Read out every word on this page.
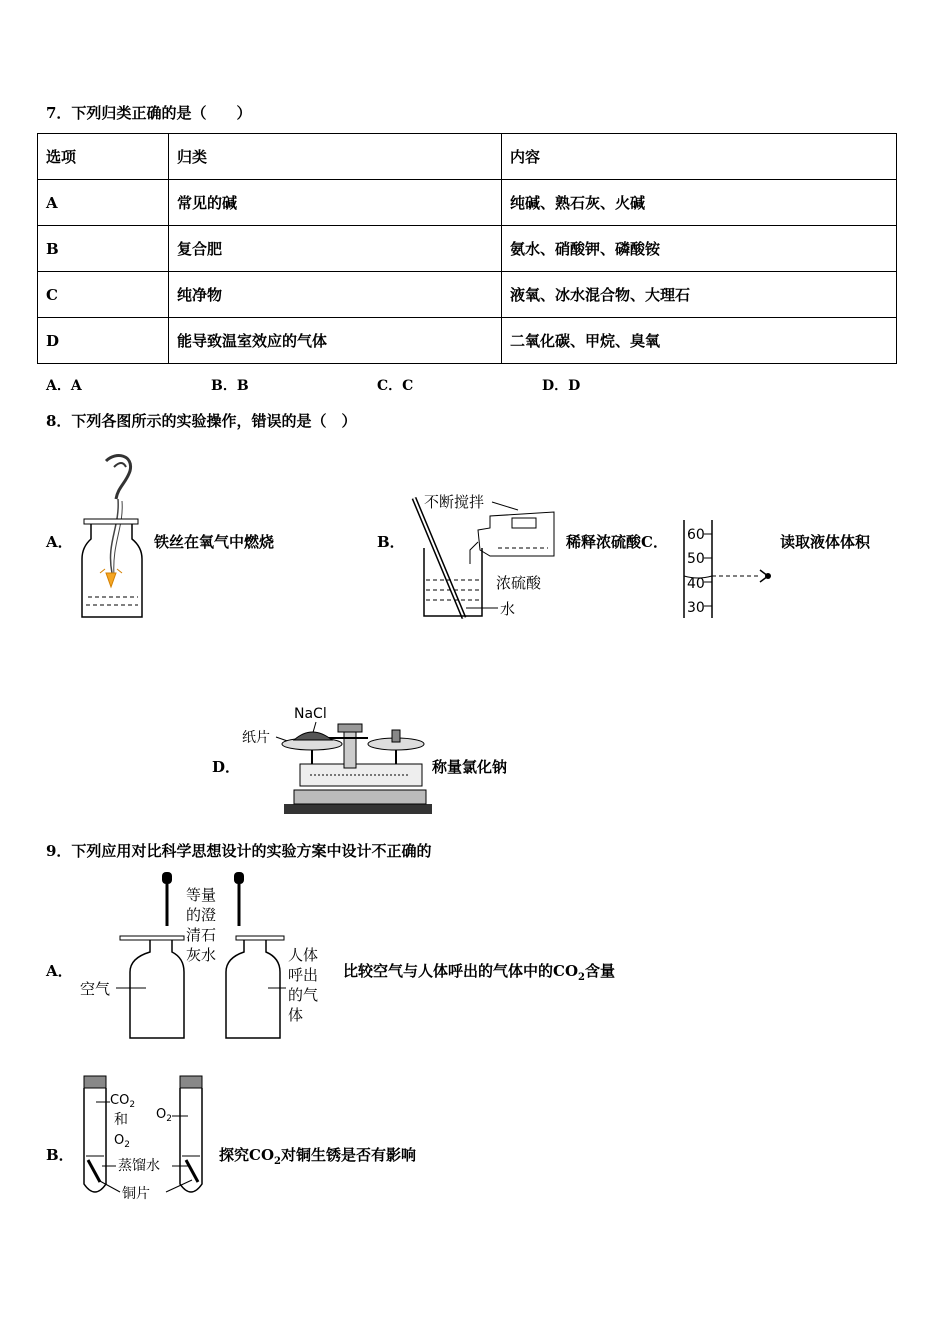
7．下列归类正确的是（　　）
选项	归类	内容
A	常见的碱	纯碱、熟石灰、火碱
B	复合肥	氨水、硝酸钾、磷酸铵
C	纯净物	液氧、冰水混合物、大理石
D	能导致温室效应的气体	二氧化碳、甲烷、臭氧
A．A	B．B	C．C	D．D
8．下列各图所示的实验操作，错误的是（　）
A．	铁丝在氧气中燃烧	B．
不断搅拌
浓硫酸
水
稀释浓硫酸C． 60
50
40
30
读取液体体积
D．
NaCl
纸片
称量氯化钠
9．下列应用对比科学思想设计的实验方案中设计不正确的
A．
等量
的澄
清石
灰水
空气
人体
呼出
的气
体
比较空气与人体呼出的气体中的$CO_2$含量
B．
$CO_2$
和
$O_2$
$O_2$
蒸馏水
铜片
探究$CO_2$对铜生锈是否有影响
